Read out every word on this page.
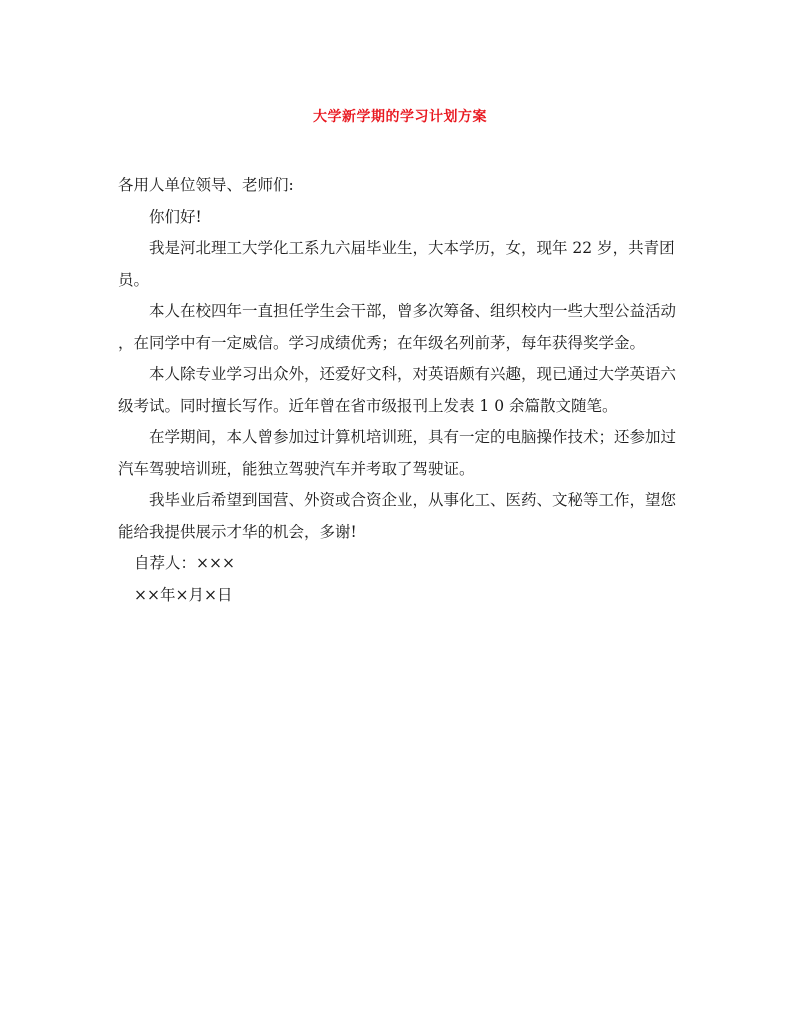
大学新学期的学习计划方案
各用人单位领导、老师们:
你们好!
我是河北理工大学化工系九六届毕业生，大本学历，女，现年 22 岁，共青团
员。
本人在校四年一直担任学生会干部，曾多次筹备、组织校内一些大型公益活动
，在同学中有一定威信。学习成绩优秀；在年级名列前茅，每年获得奖学金。
本人除专业学习出众外，还爱好文科，对英语颇有兴趣，现已通过大学英语六
级考试。同时擅长写作。近年曾在省市级报刊上发表 1 0 余篇散文随笔。
在学期间，本人曾参加过计算机培训班，具有一定的电脑操作技术；还参加过
汽车驾驶培训班，能独立驾驶汽车并考取了驾驶证。
我毕业后希望到国营、外资或合资企业，从事化工、医药、文秘等工作，望您
能给我提供展示才华的机会，多谢!
自荐人：×××
××年×月×日
